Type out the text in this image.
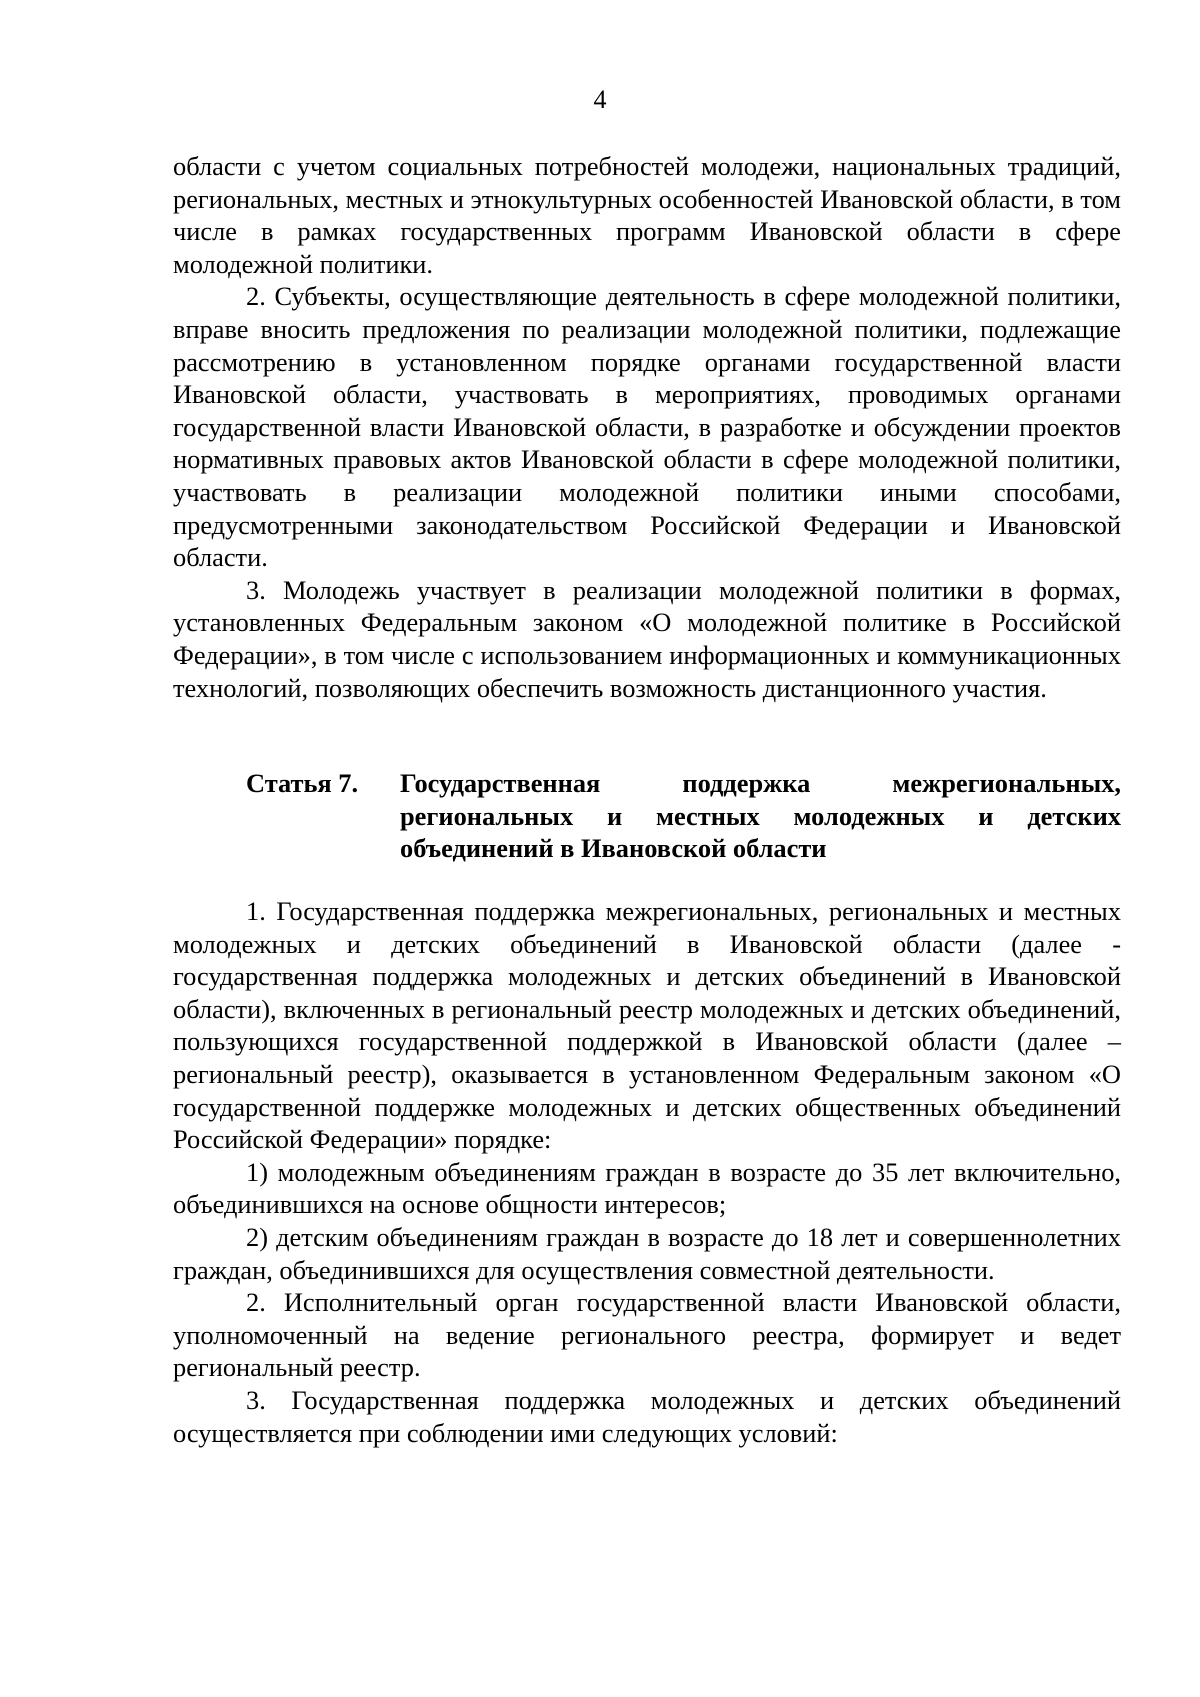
4

области с учетом социальных потребностей молодежи, национальных традиций, региональных, местных и этнокультурных особенностей Ивановской области, в том числе в рамках государственных программ Ивановской области в сфере молодежной политики.

2. Субъекты, осуществляющие деятельность в сфере молодежной политики, вправе вносить предложения по реализации молодежной политики, подлежащие рассмотрению в установленном порядке органами государственной власти Ивановской области, участвовать в мероприятиях, проводимых органами государственной власти Ивановской области, в разработке и обсуждении проектов нормативных правовых актов Ивановской области в сфере молодежной политики, участвовать в реализации молодежной политики иными способами, предусмотренными законодательством Российской Федерации и Ивановской области.

3. Молодежь участвует в реализации молодежной политики в формах, установленных Федеральным законом «О молодежной политике в Российской Федерации», в том числе с использованием информационных и коммуникационных технологий, позволяющих обеспечить возможность дистанционного участия.

Статья 7. Государственная поддержка межрегиональных, региональных и местных молодежных и детских объединений в Ивановской области

1. Государственная поддержка межрегиональных, региональных и местных молодежных и детских объединений в Ивановской области (далее - государственная поддержка молодежных и детских объединений в Ивановской области), включенных в региональный реестр молодежных и детских объединений, пользующихся государственной поддержкой в Ивановской области (далее – региональный реестр), оказывается в установленном Федеральным законом «О государственной поддержке молодежных и детских общественных объединений Российской Федерации» порядке:

1) молодежным объединениям граждан в возрасте до 35 лет включительно, объединившихся на основе общности интересов;

2) детским объединениям граждан в возрасте до 18 лет и совершеннолетних граждан, объединившихся для осуществления совместной деятельности.

2. Исполнительный орган государственной власти Ивановской области, уполномоченный на ведение регионального реестра, формирует и ведет региональный реестр.

3. Государственная поддержка молодежных и детских объединений осуществляется при соблюдении ими следующих условий:
